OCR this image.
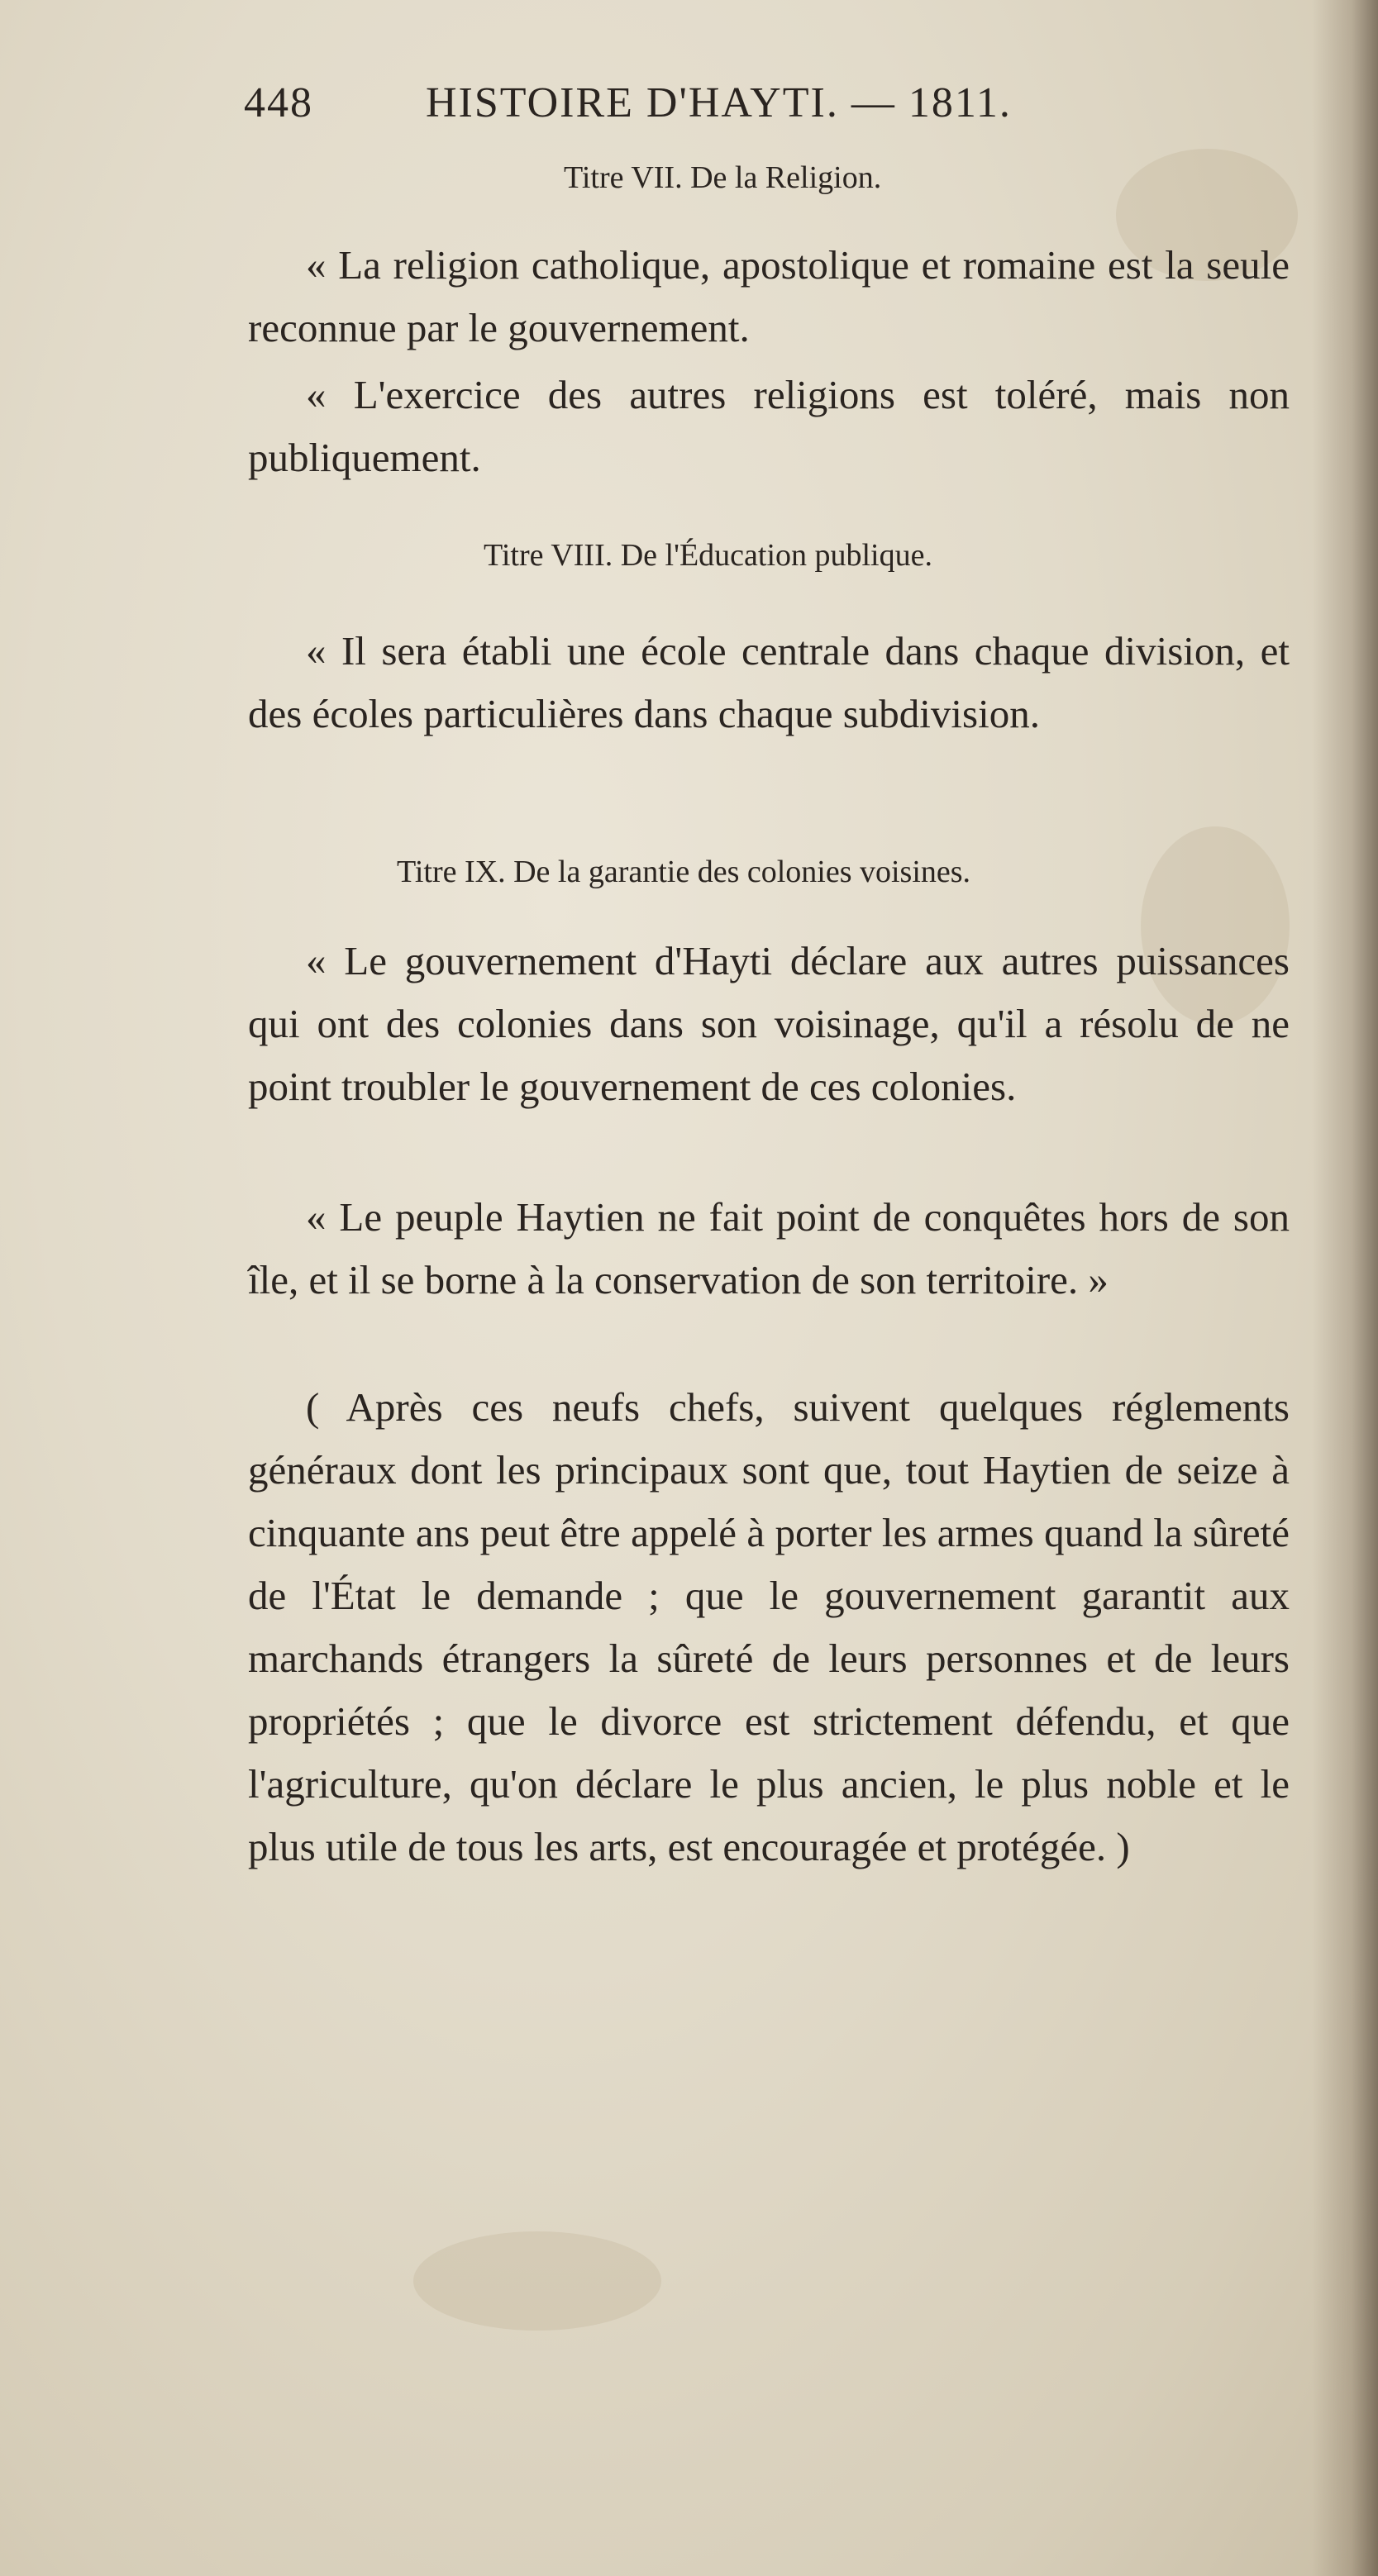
448	HISTOIRE D'HAYTI. — 1811.
Titre VII. De la Religion.
« La religion catholique, apostolique et romaine est la seule reconnue par le gouvernement.
« L'exercice des autres religions est toléré, mais non publiquement.
Titre VIII. De l'Éducation publique.
« Il sera établi une école centrale dans chaque division, et des écoles particulières dans chaque subdivision.
Titre IX. De la garantie des colonies voisines.
« Le gouvernement d'Hayti déclare aux autres puissances qui ont des colonies dans son voisinage, qu'il a résolu de ne point troubler le gouvernement de ces colonies.
« Le peuple Haytien ne fait point de conquêtes hors de son île, et il se borne à la conservation de son territoire. »
( Après ces neufs chefs, suivent quelques réglements généraux dont les principaux sont que, tout Haytien de seize à cinquante ans peut être appelé à porter les armes quand la sûreté de l'État le demande ; que le gouvernement garantit aux marchands étrangers la sûreté de leurs personnes et de leurs propriétés ; que le divorce est strictement défendu, et que l'agriculture, qu'on déclare le plus ancien, le plus noble et le plus utile de tous les arts, est encouragée et protégée. )
